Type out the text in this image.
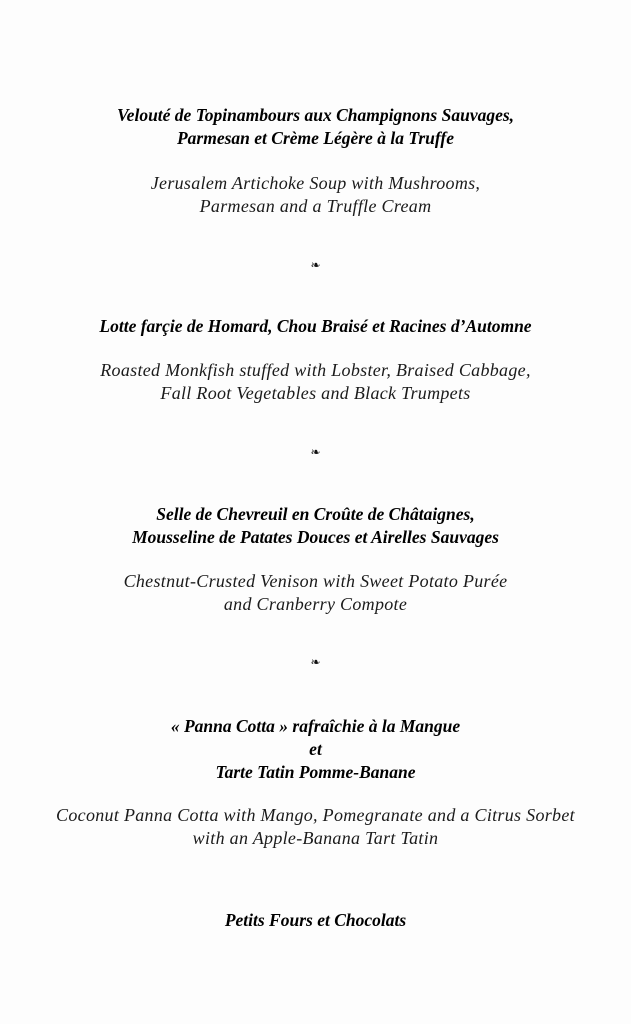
Velouté de Topinambours aux Champignons Sauvages,
Parmesan et Crème Légère à la Truffe
Jerusalem Artichoke Soup with Mushrooms,
Parmesan and a Truffle Cream
❧
Lotte farçie de Homard, Chou Braisé et Racines d’Automne
Roasted Monkfish stuffed with Lobster, Braised Cabbage,
Fall Root Vegetables and Black Trumpets
❧
Selle de Chevreuil en Croûte de Châtaignes,
Mousseline de Patates Douces et Airelles Sauvages
Chestnut-Crusted Venison with Sweet Potato Purée
and Cranberry Compote
❧
« Panna Cotta » rafraîchie à la Mangue
et
Tarte Tatin Pomme-Banane
Coconut Panna Cotta with Mango, Pomegranate and a Citrus Sorbet
with an Apple-Banana Tart Tatin
Petits Fours et Chocolats
